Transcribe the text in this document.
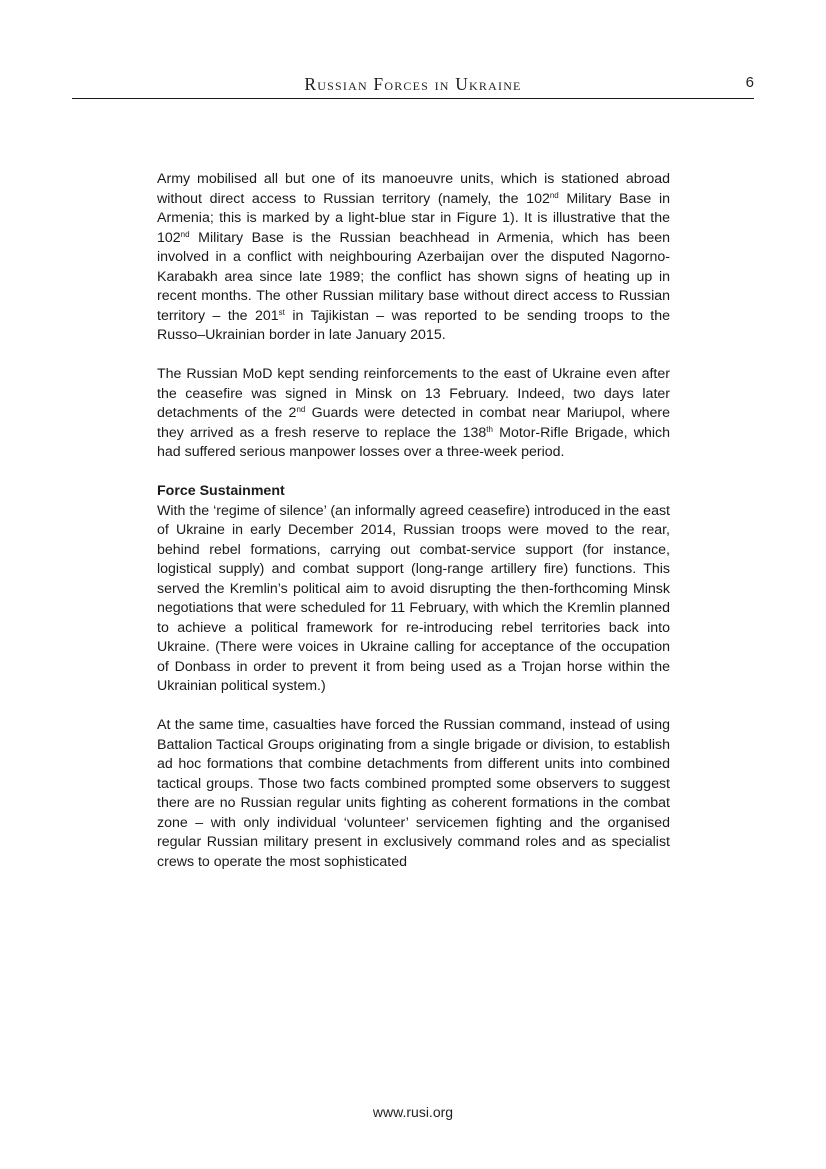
Russian Forces in Ukraine	6

Army mobilised all but one of its manoeuvre units, which is stationed abroad without direct access to Russian territory (namely, the 102nd Military Base in Armenia; this is marked by a light-blue star in Figure 1). It is illustrative that the 102nd Military Base is the Russian beachhead in Armenia, which has been involved in a conflict with neighbouring Azerbaijan over the disputed Nagorno-Karabakh area since late 1989; the conflict has shown signs of heating up in recent months. The other Russian military base without direct access to Russian territory – the 201st in Tajikistan – was reported to be sending troops to the Russo–Ukrainian border in late January 2015.

The Russian MoD kept sending reinforcements to the east of Ukraine even after the ceasefire was signed in Minsk on 13 February. Indeed, two days later detachments of the 2nd Guards were detected in combat near Mariupol, where they arrived as a fresh reserve to replace the 138th Motor-Rifle Brigade, which had suffered serious manpower losses over a three-week period.

Force Sustainment

With the ‘regime of silence’ (an informally agreed ceasefire) introduced in the east of Ukraine in early December 2014, Russian troops were moved to the rear, behind rebel formations, carrying out combat-service support (for instance, logistical supply) and combat support (long-range artillery fire) functions. This served the Kremlin’s political aim to avoid disrupting the then-forthcoming Minsk negotiations that were scheduled for 11 February, with which the Kremlin planned to achieve a political framework for re-introducing rebel territories back into Ukraine. (There were voices in Ukraine calling for acceptance of the occupation of Donbass in order to prevent it from being used as a Trojan horse within the Ukrainian political system.)

At the same time, casualties have forced the Russian command, instead of using Battalion Tactical Groups originating from a single brigade or division, to establish ad hoc formations that combine detachments from different units into combined tactical groups. Those two facts combined prompted some observers to suggest there are no Russian regular units fighting as coherent formations in the combat zone – with only individual ‘volunteer’ servicemen fighting and the organised regular Russian military present in exclusively command roles and as specialist crews to operate the most sophisticated

www.rusi.org
